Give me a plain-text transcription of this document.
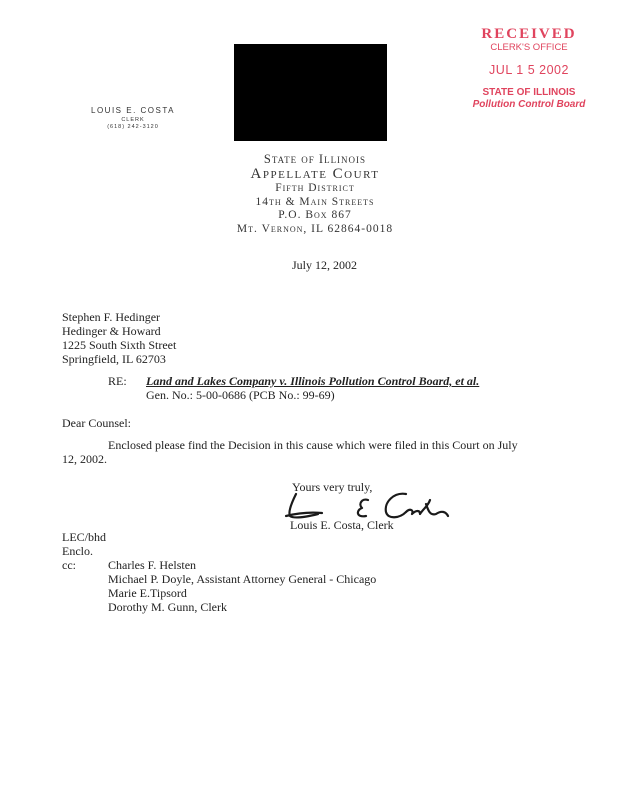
LOUIS E. COSTA
CLERK
(618) 242-3120
RECEIVED
CLERK'S OFFICE
JUL 1 5 2002
STATE OF ILLINOIS
Pollution Control Board
State of Illinois
Appellate Court
Fifth District
14th & Main Streets
P.O. Box 867
Mt. Vernon, IL 62864-0018
July 12, 2002
Stephen F. Hedinger
Hedinger & Howard
1225 South Sixth Street
Springfield, IL 62703
RE: Land and Lakes Company v. Illinois Pollution Control Board, et al.
Gen. No.: 5-00-0686 (PCB No.: 99-69)
Dear Counsel:
Enclosed please find the Decision in this cause which were filed in this Court on July
12, 2002.
Yours very truly,
Louis E. Costa, Clerk
LEC/bhd
Enclo.
cc:	Charles F. Helsten
Michael P. Doyle, Assistant Attorney General - Chicago
Marie E.Tipsord
Dorothy M. Gunn, Clerk
